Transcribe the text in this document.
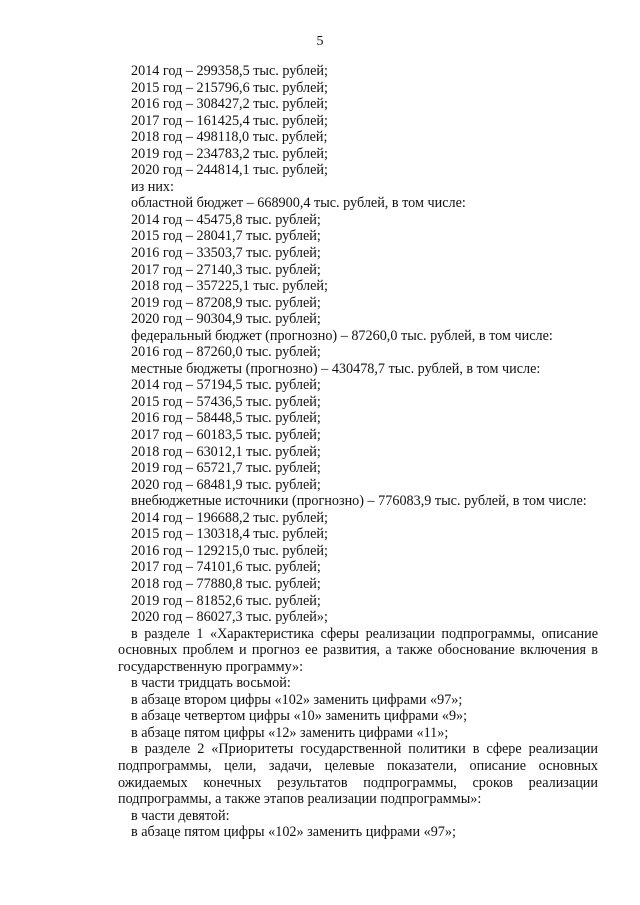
5
2014 год – 299358,5 тыс. рублей;
2015 год – 215796,6 тыс. рублей;
2016 год – 308427,2 тыс. рублей;
2017 год – 161425,4 тыс. рублей;
2018 год – 498118,0 тыс. рублей;
2019 год – 234783,2 тыс. рублей;
2020 год – 244814,1 тыс. рублей;
из них:
областной бюджет – 668900,4 тыс. рублей, в том числе:
2014 год – 45475,8 тыс. рублей;
2015 год – 28041,7 тыс. рублей;
2016 год – 33503,7 тыс. рублей;
2017 год – 27140,3 тыс. рублей;
2018 год – 357225,1 тыс. рублей;
2019 год – 87208,9 тыс. рублей;
2020 год – 90304,9 тыс. рублей;
федеральный бюджет (прогнозно) – 87260,0 тыс. рублей, в том числе:
2016 год – 87260,0 тыс. рублей;
местные бюджеты (прогнозно) – 430478,7 тыс. рублей, в том числе:
2014 год – 57194,5 тыс. рублей;
2015 год – 57436,5 тыс. рублей;
2016 год – 58448,5 тыс. рублей;
2017 год – 60183,5 тыс. рублей;
2018 год – 63012,1 тыс. рублей;
2019 год – 65721,7 тыс. рублей;
2020 год – 68481,9 тыс. рублей;
внебюджетные источники (прогнозно) – 776083,9 тыс. рублей, в том числе:
2014 год – 196688,2 тыс. рублей;
2015 год – 130318,4 тыс. рублей;
2016 год – 129215,0 тыс. рублей;
2017 год – 74101,6 тыс. рублей;
2018 год – 77880,8 тыс. рублей;
2019 год – 81852,6 тыс. рублей;
2020 год – 86027,3 тыс. рублей»;
в разделе 1 «Характеристика сферы реализации подпрограммы, описание основных проблем и прогноз ее развития, а также обоснование включения в государственную программу»:
в части тридцать восьмой:
в абзаце втором цифры «102» заменить цифрами «97»;
в абзаце четвертом цифры «10» заменить цифрами «9»;
в абзаце пятом цифры «12» заменить цифрами «11»;
в разделе 2 «Приоритеты государственной политики в сфере реализации подпрограммы, цели, задачи, целевые показатели, описание основных ожидаемых конечных результатов подпрограммы, сроков реализации подпрограммы, а также этапов реализации подпрограммы»:
в части девятой:
в абзаце пятом цифры «102» заменить цифрами «97»;
